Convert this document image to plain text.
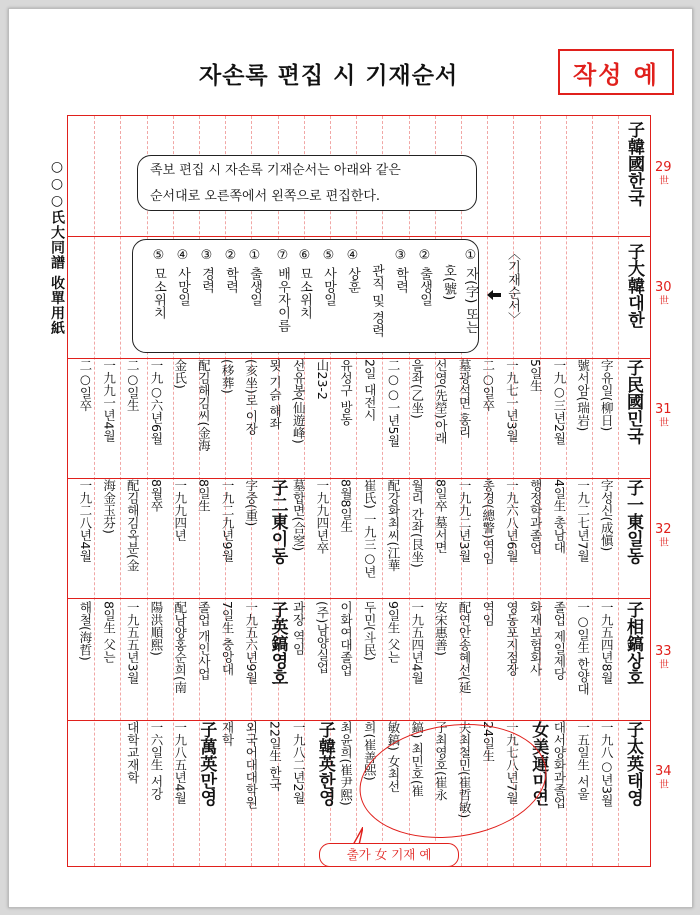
자손록 편집 시 기재순서	작성 예
○○○氏大同譜 收單用紙	29
世
30
世
31
世
32
世
33
世
34
世
子韓國한국
子大韓대한
족보 편집 시 자손록 기재순서는 아래와 같은
순서대로 오른쪽에서 왼쪽으로 편집한다.
〈기재순서〉
① 자(字) 또는
호(號)
② 출생일
③ 학력
관직 및 경력
④ 상훈
⑤ 사망일
⑥ 묘소위치
⑦ 배우자이름
① 출생일
② 학력
③ 경력
④ 사망일
⑤ 묘소위치
子民國민국
字유일(柳日)
號서암(瑞岩)
一九○三년2월
5일生
一九七一년3월
二○일卒
墓광석면 홍리
선영(先塋)아래
을좌(乙坐)
二○○一년5월
2일 대전시
유성구 방동
山23-2
선유봉(仙遊峰)
묏 기슭 해좌
(亥坐)로 이장
(移葬)
配김해김씨(金海
金氏)
一九○六년6월
二○일生
一九九一년4월
二○일卒
子一東일동
字성신(成愼)
一九二七년7월
4일生 총남대
행정학과졸업
一九六八년6월
총경(總警)역임
一九九二년3월
8일卒 墓서면
월리 간좌(艮坐)
配강화최씨(江華
崔氏) 一九三○년
8월8일生
一九九四년卒
墓합면(合窆)
子二東이동
字중(重)
一九二九년9월
8일生
一九九四년
8월卒
配김해김옥분(金
海金玉芬)
一九二八년4월
子相鎬상호
一九五四년8월
一○일生 한양대
졸업 제일제당
화재보험회사
영동포지점장
역임
配연안송혜선(延
安宋惠善)
一九五四년4월
9일生 父는
두민(斗民)
이화여대졸업
(주)남양실업
과장 역임
子英鎬영호
一九五六년9월
7일生 충앙대
졸업 개인사업
配남양홍순희(南
陽洪順熙)
一九五五년3월
8일生 父는
해철(海哲)
子太英태영
一九八○년3월
一五일生 서울
대서양화과졸업
女美連미연
一九七八년7월
24일生
夫최철민(崔哲敏)
子최영호(崔永
鎬) 최민호(崔
敏鎬) 女최선
희(崔善熙)
최윤희(崔尹熙)
子韓英한영
一九八二년2월
22일生 한국
외국어대대학원
재학
子萬英만영
一九八五년4월
一六일生 서강
대학교재학
출가 女 기재 예
